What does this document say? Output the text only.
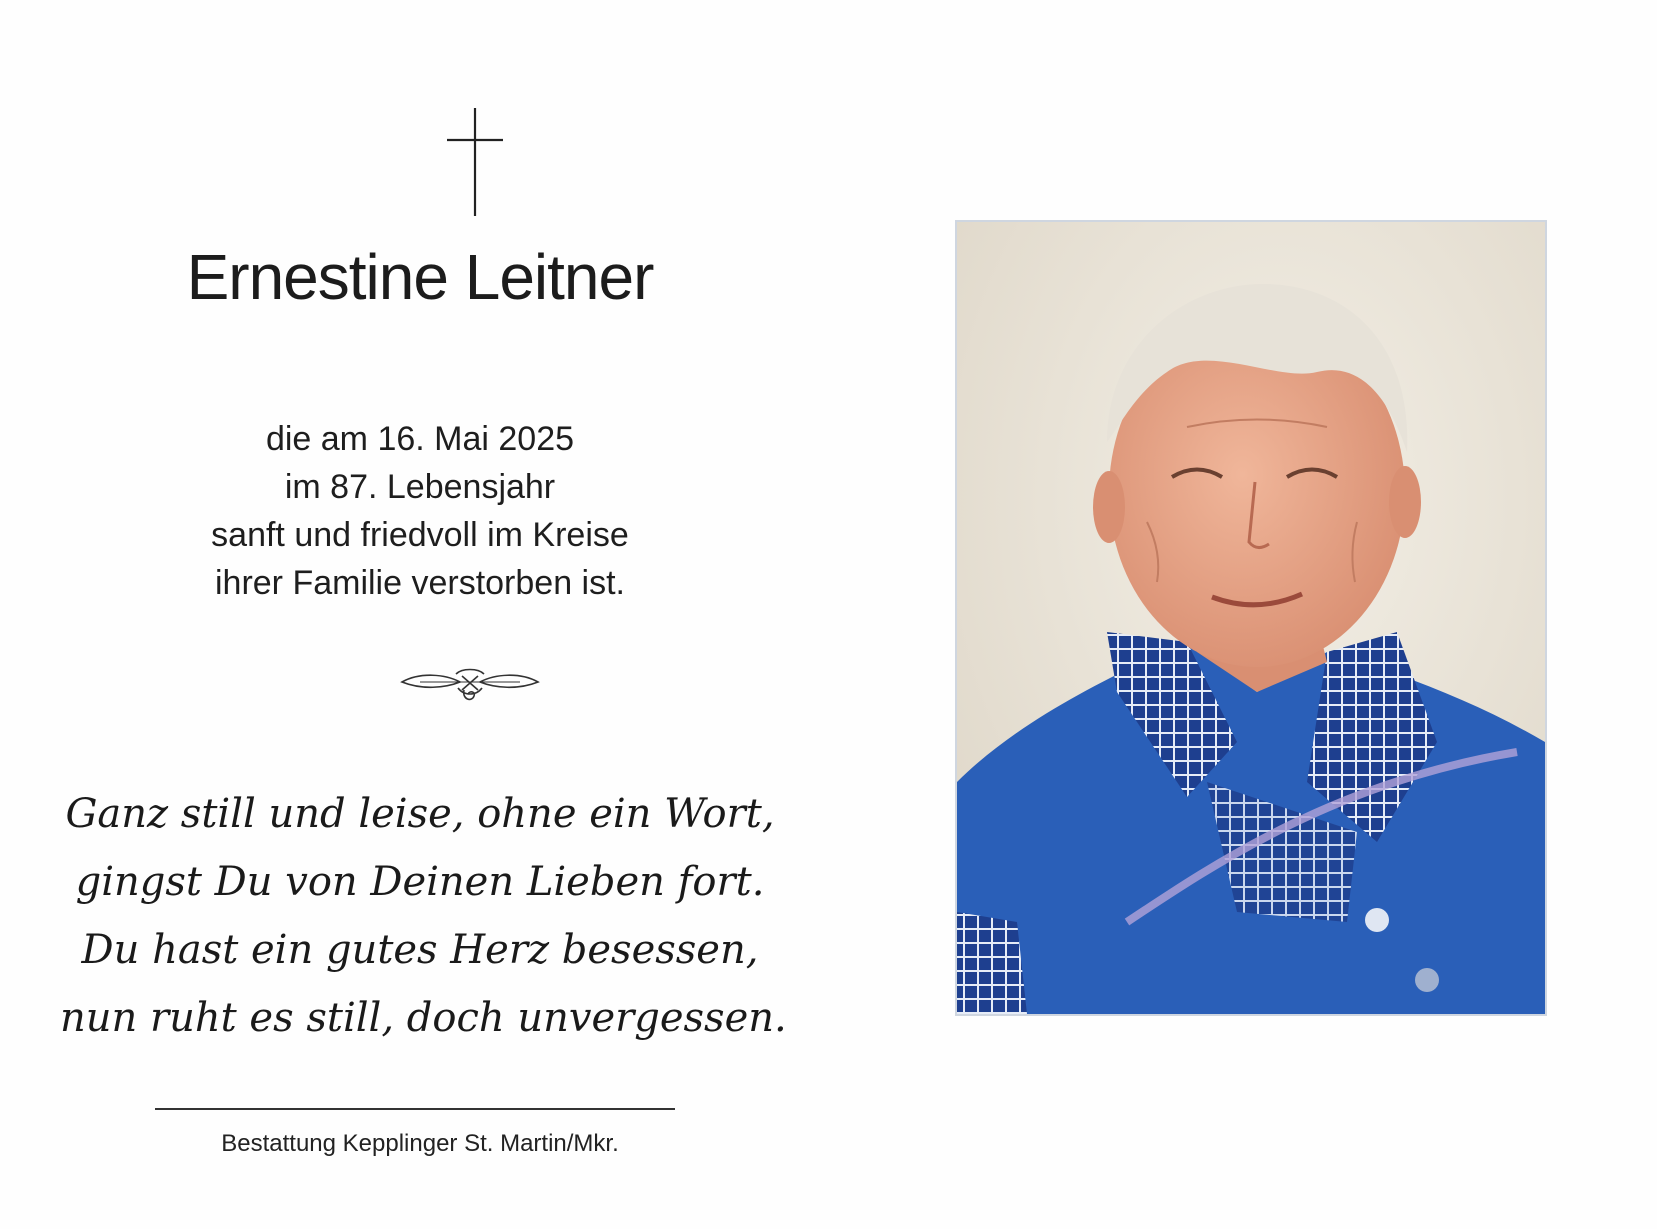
Ernestine Leitner
die am 16. Mai 2025
im 87. Lebensjahr
sanft und friedvoll im Kreise
ihrer Familie verstorben ist.
Ganz still und leise, ohne ein Wort,
gingst Du von Deinen Lieben fort.
Du hast ein gutes Herz besessen,
nun ruht es still, doch unvergessen.
Bestattung Kepplinger St. Martin/Mkr.
